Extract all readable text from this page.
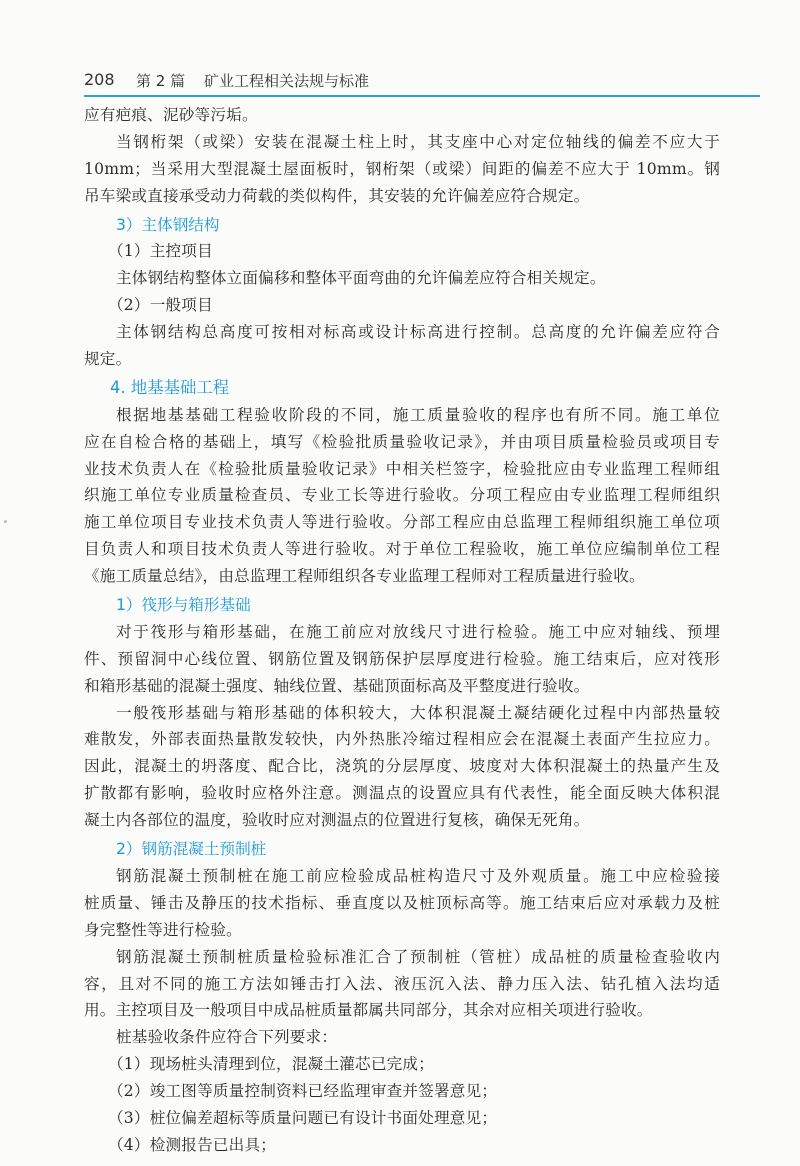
208 第 2 篇 矿业工程相关法规与标准
应有疤痕、泥砂等污垢。
当钢桁架（或梁）安装在混凝土柱上时，其支座中心对定位轴线的偏差不应大于
10mm；当采用大型混凝土屋面板时，钢桁架（或梁）间距的偏差不应大于 10mm。钢
吊车梁或直接承受动力荷载的类似构件，其安装的允许偏差应符合规定。
3）主体钢结构
（1）主控项目
主体钢结构整体立面偏移和整体平面弯曲的允许偏差应符合相关规定。
（2）一般项目
主体钢结构总高度可按相对标高或设计标高进行控制。总高度的允许偏差应符合
规定。
4. 地基基础工程
根据地基基础工程验收阶段的不同，施工质量验收的程序也有所不同。施工单位
应在自检合格的基础上，填写《检验批质量验收记录》，并由项目质量检验员或项目专
业技术负责人在《检验批质量验收记录》中相关栏签字，检验批应由专业监理工程师组
织施工单位专业质量检查员、专业工长等进行验收。分项工程应由专业监理工程师组织
施工单位项目专业技术负责人等进行验收。分部工程应由总监理工程师组织施工单位项
目负责人和项目技术负责人等进行验收。对于单位工程验收，施工单位应编制单位工程
《施工质量总结》，由总监理工程师组织各专业监理工程师对工程质量进行验收。
1）筏形与箱形基础
对于筏形与箱形基础，在施工前应对放线尺寸进行检验。施工中应对轴线、预埋
件、预留洞中心线位置、钢筋位置及钢筋保护层厚度进行检验。施工结束后，应对筏形
和箱形基础的混凝土强度、轴线位置、基础顶面标高及平整度进行验收。
一般筏形基础与箱形基础的体积较大，大体积混凝土凝结硬化过程中内部热量较
难散发，外部表面热量散发较快，内外热胀冷缩过程相应会在混凝土表面产生拉应力。
因此，混凝土的坍落度、配合比，浇筑的分层厚度、坡度对大体积混凝土的热量产生及
扩散都有影响，验收时应格外注意。测温点的设置应具有代表性，能全面反映大体积混
凝土内各部位的温度，验收时应对测温点的位置进行复核，确保无死角。
2）钢筋混凝土预制桩
钢筋混凝土预制桩在施工前应检验成品桩构造尺寸及外观质量。施工中应检验接
桩质量、锤击及静压的技术指标、垂直度以及桩顶标高等。施工结束后应对承载力及桩
身完整性等进行检验。
钢筋混凝土预制桩质量检验标准汇合了预制桩（管桩）成品桩的质量检查验收内
容，且对不同的施工方法如锤击打入法、液压沉入法、静力压入法、钻孔植入法均适
用。主控项目及一般项目中成品桩质量都属共同部分，其余对应相关项进行验收。
桩基验收条件应符合下列要求：
（1）现场桩头清理到位，混凝土灌芯已完成；
（2）竣工图等质量控制资料已经监理审查并签署意见；
（3）桩位偏差超标等质量问题已有设计书面处理意见；
（4）检测报告已出具；
